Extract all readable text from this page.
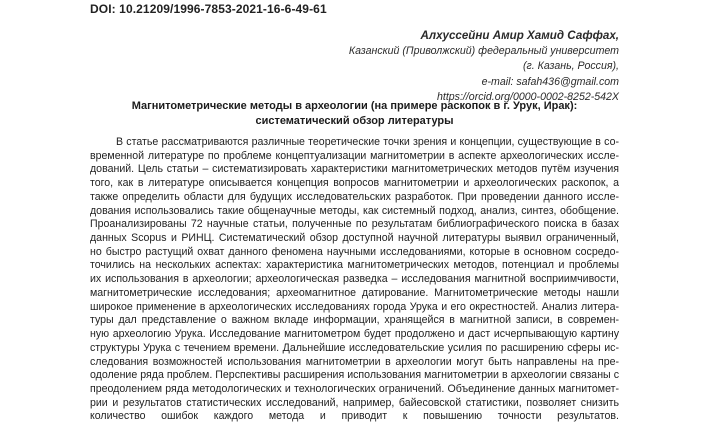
DOI: 10.21209/1996-7853-2021-16-6-49-61
Алхуссейни Амир Хамид Саффах,
Казанский (Приволжский) федеральный университет
(г. Казань, Россия),
e-mail: safah436@gmail.com
https://orcid.org/0000-0002-8252-542X
Магнитометрические методы в археологии (на примере раскопок в г. Урук, Ирак):
систематический обзор литературы
В статье рассматриваются различные теоретические точки зрения и концепции, существующие в со-
временной литературе по проблеме концептуализации магнитометрии в аспекте археологических иссле-
дований. Цель статьи – систематизировать характеристики магнитометрических методов путём изучения
того, как в литературе описывается концепция вопросов магнитометрии и археологических раскопок, а
также определить области для будущих исследовательских разработок. При проведении данного иссле-
дования использовались такие общенаучные методы, как системный подход, анализ, синтез, обобщение.
Проанализированы 72 научные статьи, полученные по результатам библиографического поиска в базах
данных Scopus и РИНЦ. Систематический обзор доступной научной литературы выявил ограниченный,
но быстро растущий охват данного феномена научными исследованиями, которые в основном сосредо-
точились на нескольких аспектах: характеристика магнитометрических методов, потенциал и проблемы
их использования в археологии; археологическая разведка – исследования магнитной восприимчивости,
магнитометрические исследования; археомагнитное датирование. Магнитометрические методы нашли
широкое применение в археологических исследованиях города Урука и его окрестностей. Анализ литера-
туры дал представление о важном вкладе информации, хранящейся в магнитной записи, в современ-
ную археологию Урука. Исследование магнитометром будет продолжено и даст исчерпывающую картину
структуры Урука с течением времени. Дальнейшие исследовательские усилия по расширению сферы ис-
следования возможностей использования магнитометрии в археологии могут быть направлены на пре-
одоление ряда проблем. Перспективы расширения использования магнитометрии в археологии связаны с
преодолением ряда методологических и технологических ограничений. Объединение данных магнитомет-
рии и результатов статистических исследований, например, байесовской статистики, позволяет снизить
количество ошибок каждого метода и приводит к повышению точности результатов.
